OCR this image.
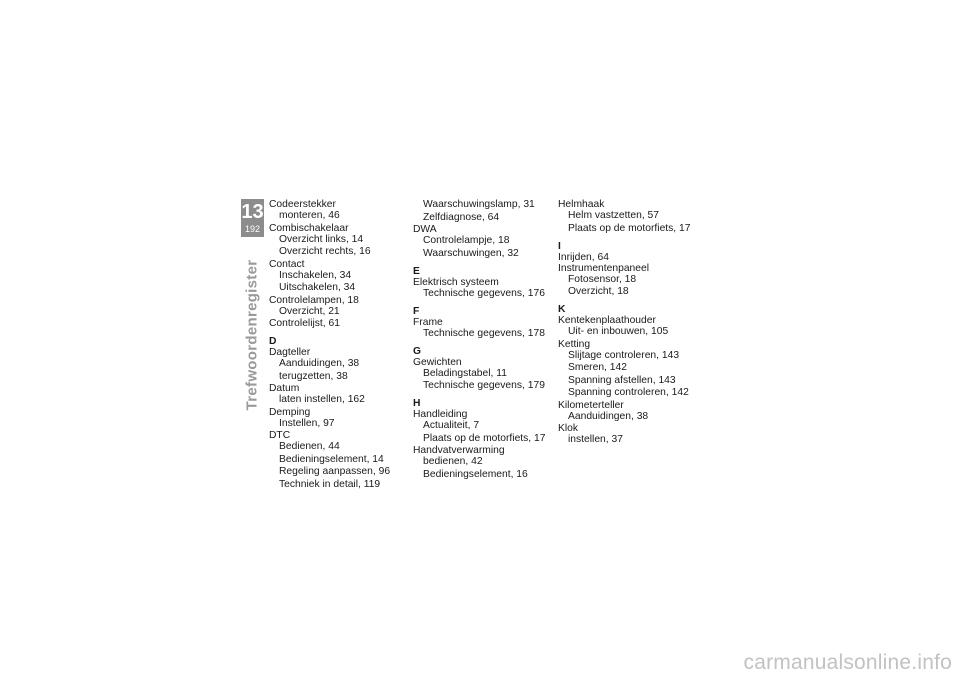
13
192
Trefwoordenregister
Codeerstekker
monteren, 46
Combischakelaar
Overzicht links, 14
Overzicht rechts, 16
Contact
Inschakelen, 34
Uitschakelen, 34
Controlelampen, 18
Overzicht, 21
Controlelijst, 61
D
Dagteller
Aanduidingen, 38
terugzetten, 38
Datum
laten instellen, 162
Demping
Instellen, 97
DTC
Bedienen, 44
Bedieningselement, 14
Regeling aanpassen, 96
Techniek in detail, 119
Waarschuwingslamp, 31
Zelfdiagnose, 64
DWA
Controlelampje, 18
Waarschuwingen, 32
E
Elektrisch systeem
Technische gegevens, 176
F
Frame
Technische gegevens, 178
G
Gewichten
Beladingstabel, 11
Technische gegevens, 179
H
Handleiding
Actualiteit, 7
Plaats op de motorfiets, 17
Handvatverwarming
bedienen, 42
Bedieningselement, 16
Helmhaak
Helm vastzetten, 57
Plaats op de motorfiets, 17
I
Inrijden, 64
Instrumentenpaneel
Fotosensor, 18
Overzicht, 18
K
Kentekenplaathouder
Uit- en inbouwen, 105
Ketting
Slijtage controleren, 143
Smeren, 142
Spanning afstellen, 143
Spanning controleren, 142
Kilometerteller
Aanduidingen, 38
Klok
instellen, 37
carmanualsonline.info
